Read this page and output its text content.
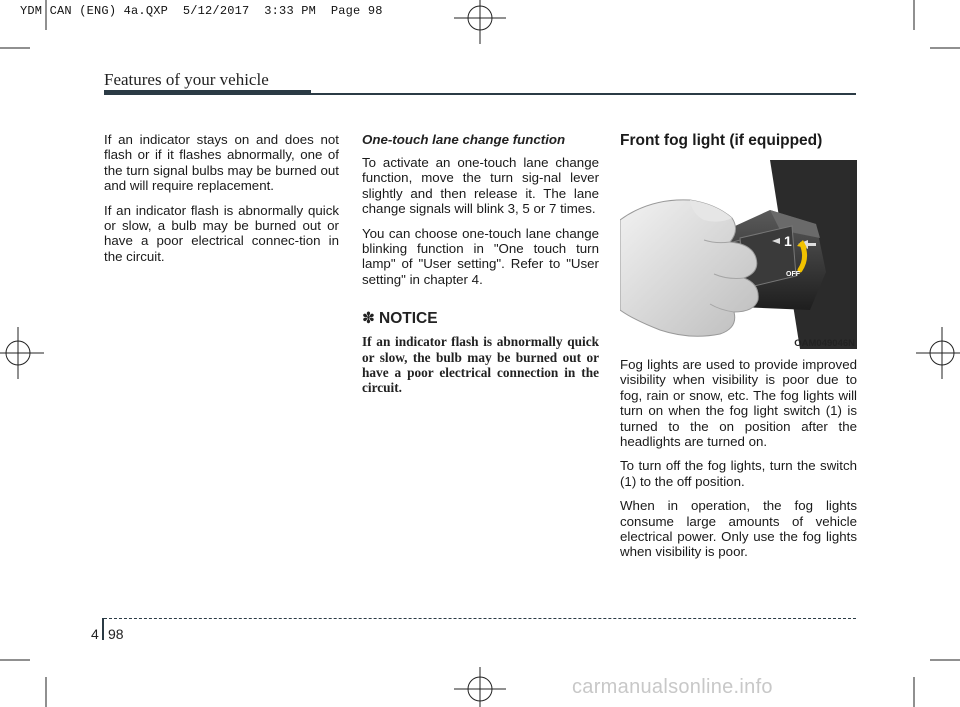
YDM CAN (ENG) 4a.QXP  5/12/2017  3:33 PM  Page 98
Features of your vehicle

If an indicator stays on and does not flash or if it flashes abnormally, one of the turn signal bulbs may be burned out and will require replacement.

If an indicator flash is abnormally quick or slow, a bulb may be burned out or have a poor electrical connec-tion in the circuit.

One-touch lane change function

To activate an one-touch lane change function, move the turn sig-nal lever slightly and then release it. The lane change signals will blink 3, 5 or 7 times.

You can choose one-touch lane change blinking function in "One touch turn lamp" of "User setting". Refer to "User setting" in chapter 4.

✽ NOTICE

If an indicator flash is abnormally quick or slow, the bulb may be burned out or have a poor electrical connection in the circuit.

Front fog light (if equipped)
1
OFF
OAM049046N

Fog lights are used to provide improved visibility when visibility is poor due to fog, rain or snow, etc. The fog lights will turn on when the fog light switch (1) is turned to the on position after the headlights are turned on.

To turn off the fog lights, turn the switch (1) to the off position.

When in operation, the fog lights consume large amounts of vehicle electrical power. Only use the fog lights when visibility is poor.

4 98
carmanualsonline.info
